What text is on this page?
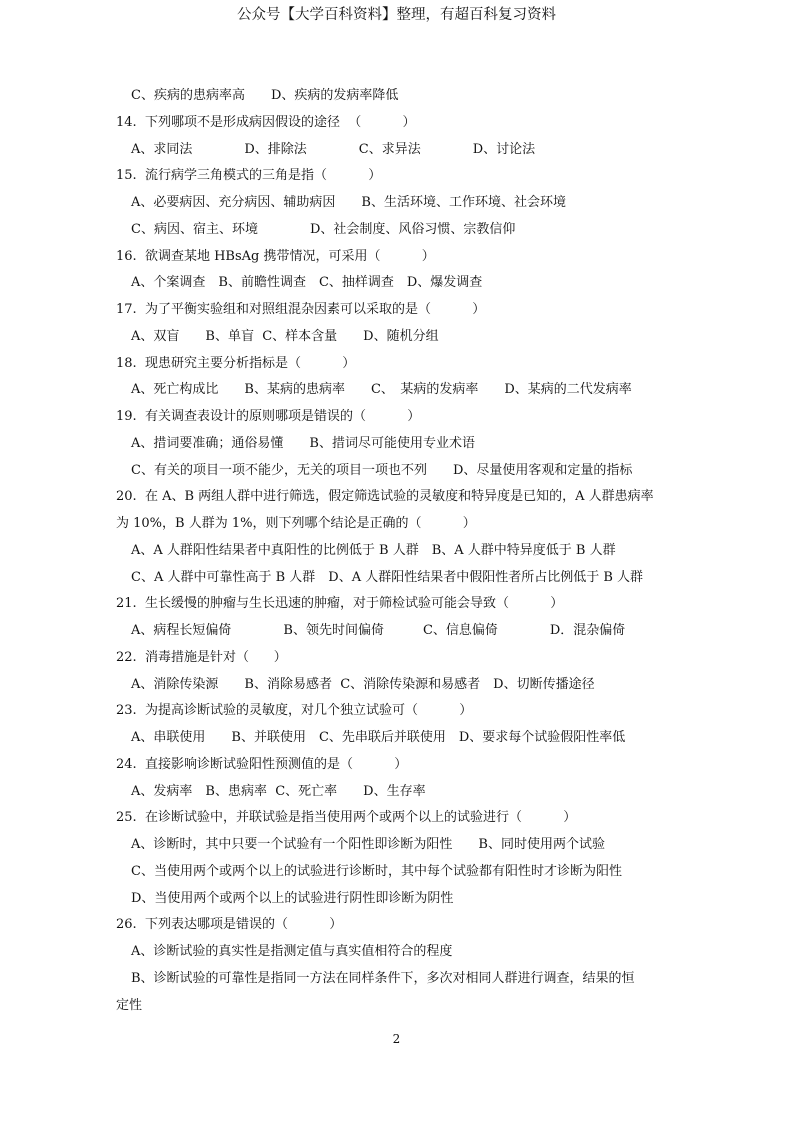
公众号【大学百科资料】整理，有超百科复习资料
C、疾病的患病率高　　D、疾病的发病率降低
14.  下列哪项不是形成病因假设的途径  （          ）
A、求同法　　　　D、排除法　　　　C、求异法　　　　D、讨论法
15.  流行病学三角模式的三角是指（          ）
A、必要病因、充分病因、辅助病因　　B、生活环境、工作环境、社会环境
C、病因、宿主、环境　　　　D、社会制度、风俗习惯、宗教信仰
16.  欲调查某地 HBsAg 携带情况，可采用（          ）
A、个案调查　B、前瞻性调查　C、抽样调查　D、爆发调查
17.  为了平衡实验组和对照组混杂因素可以采取的是（          ）
A、双盲　　B、单盲  C、样本含量　　D、随机分组
18.  现患研究主要分析指标是（          ）
A、死亡构成比　　B、某病的患病率　　C、　某病的发病率　　D、某病的二代发病率
19.  有关调查表设计的原则哪项是错误的（          ）
A、措词要准确；通俗易懂　　B、措词尽可能使用专业术语
C、有关的项目一项不能少，无关的项目一项也不列　　D、尽量使用客观和定量的指标
20.  在 A、B 两组人群中进行筛选，假定筛选试验的灵敏度和特异度是已知的，A 人群患病率
为 10%，B 人群为 1%，则下列哪个结论是正确的（          ）
A、A 人群阳性结果者中真阳性的比例低于 B 人群　B、A 人群中特异度低于 B 人群
C、A 人群中可靠性高于 B 人群　D、A 人群阳性结果者中假阳性者所占比例低于 B 人群
21.  生长缓慢的肿瘤与生长迅速的肿瘤，对于筛检试验可能会导致（          ）
A、病程长短偏倚　　　　B、领先时间偏倚　　　C、信息偏倚　　　　D．混杂偏倚
22.  消毒措施是针对（      ）
A、消除传染源　　B、消除易感者  C、消除传染源和易感者　D、切断传播途径
23.  为提高诊断试验的灵敏度，对几个独立试验可（          ）
A、串联使用　　B、并联使用　C、先串联后并联使用　D、要求每个试验假阳性率低
24.  直接影响诊断试验阳性预测值的是（          ）
A、发病率　B、患病率  C、死亡率　　D、生存率
25.  在诊断试验中，并联试验是指当使用两个或两个以上的试验进行（          ）
A、诊断时，其中只要一个试验有一个阳性即诊断为阳性　　B、同时使用两个试验
C、当使用两个或两个以上的试验进行诊断时，其中每个试验都有阳性时才诊断为阳性
D、当使用两个或两个以上的试验进行阴性即诊断为阴性
26.  下列表达哪项是错误的（          ）
A、诊断试验的真实性是指测定值与真实值相符合的程度
B、诊断试验的可靠性是指同一方法在同样条件下，多次对相同人群进行调查，结果的恒
定性
2
